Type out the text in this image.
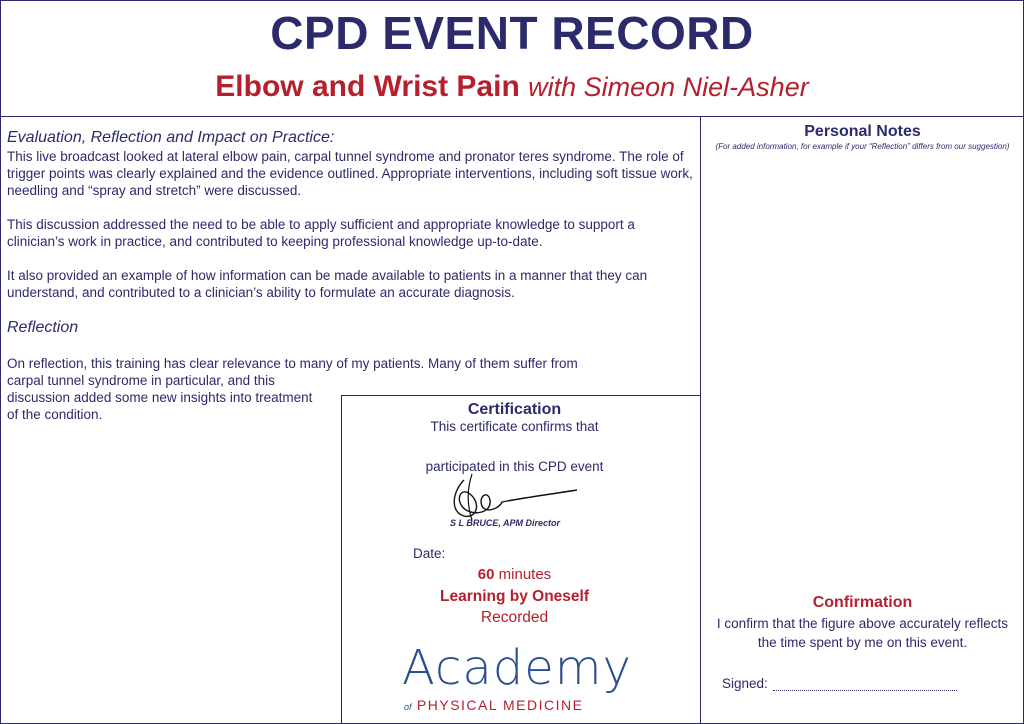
CPD EVENT RECORD
Elbow and Wrist Pain with Simeon Niel-Asher
Evaluation, Reflection and Impact on Practice:

This live broadcast looked at lateral elbow pain, carpal tunnel syndrome and pronator teres syndrome. The role of trigger points was clearly explained and the evidence outlined. Appropriate interventions, including soft tissue work, needling and “spray and stretch” were discussed.

This discussion addressed the need to be able to apply sufficient and appropriate knowledge to support a clinician’s work in practice, and contributed to keeping professional knowledge up-to-date.

It also provided an example of how information can be made available to patients in a manner that they can understand, and contributed to a clinician’s ability to formulate an accurate diagnosis.

Reflection
On reflection, this training has clear relevance to many of my patients. Many of them suffer from
carpal tunnel syndrome in particular, and this discussion added some new insights into treatment of the condition.	Certification
This certificate confirms that
participated in this CPD event
S L BRUCE, APM Director
Date:
60 minutes
Learning by Oneself
Recorded
Academy
of PHYSICAL MEDICINE
Personal Notes
(For added information, for example if your “Reflection” differs from our suggestion)
Confirmation
I confirm that the figure above accurately reflects the time spent by me on this event.
Signed:
